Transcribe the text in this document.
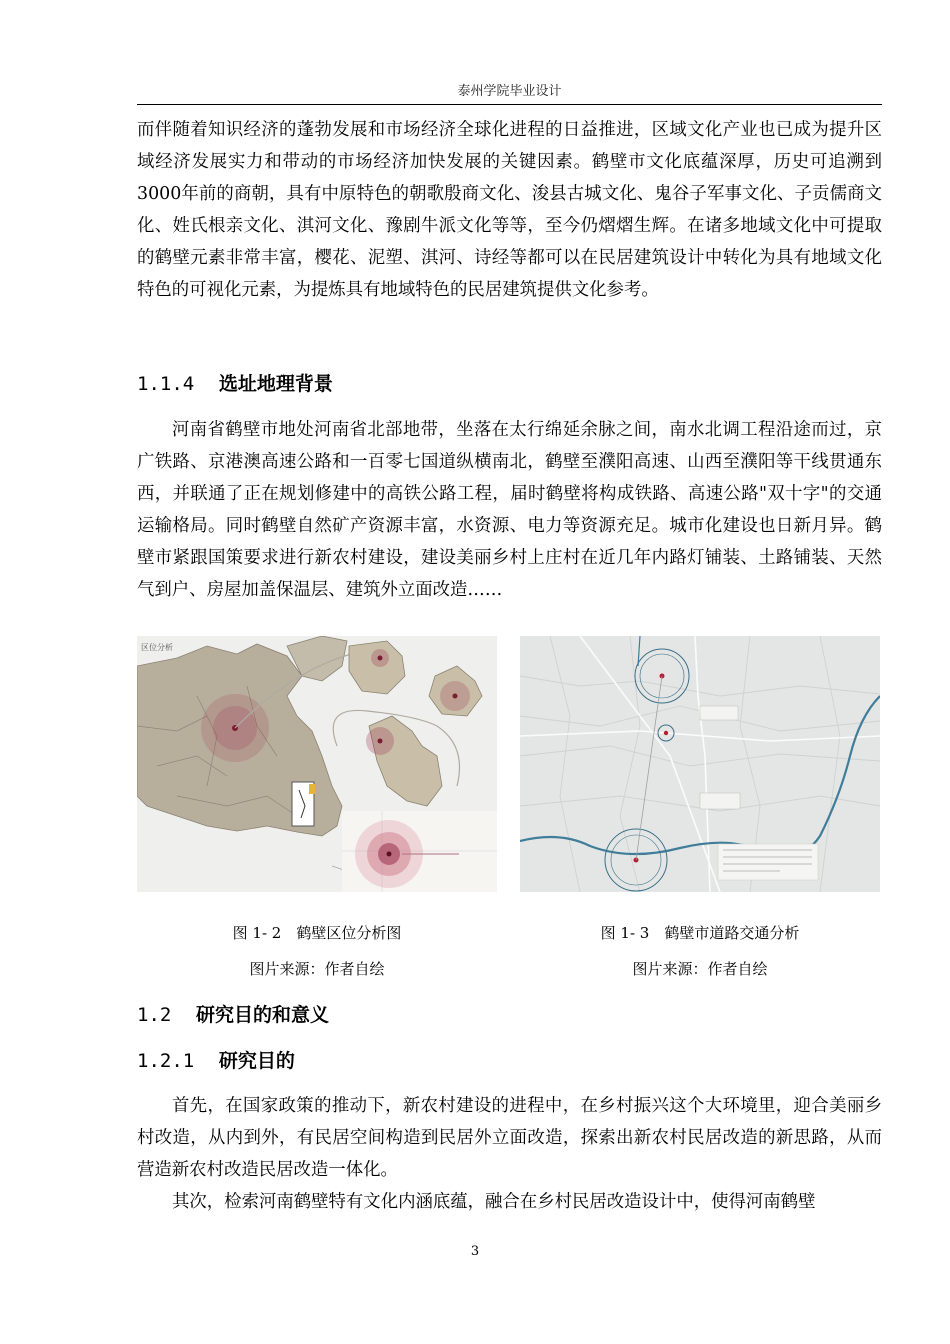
泰州学院毕业设计

而伴随着知识经济的蓬勃发展和市场经济全球化进程的日益推进，区域文化产业也已成为提升区域经济发展实力和带动的市场经济加快发展的关键因素。鹤壁市文化底蕴深厚，历史可追溯到3000年前的商朝，具有中原特色的朝歌殷商文化、浚县古城文化、鬼谷子军事文化、子贡儒商文化、姓氏根亲文化、淇河文化、豫剧牛派文化等等，至今仍熠熠生辉。在诸多地域文化中可提取的鹤壁元素非常丰富，樱花、泥塑、淇河、诗经等都可以在民居建筑设计中转化为具有地域文化特色的可视化元素，为提炼具有地域特色的民居建筑提供文化参考。

1.1.4 选址地理背景

河南省鹤壁市地处河南省北部地带，坐落在太行绵延余脉之间，南水北调工程沿途而过，京广铁路、京港澳高速公路和一百零七国道纵横南北，鹤壁至濮阳高速、山西至濮阳等干线贯通东西，并联通了正在规划修建中的高铁公路工程，届时鹤壁将构成铁路、高速公路"双十字"的交通运输格局。同时鹤壁自然矿产资源丰富，水资源、电力等资源充足。城市化建设也日新月异。鹤壁市紧跟国策要求进行新农村建设，建设美丽乡村上庄村在近几年内路灯铺装、土路铺装、天然气到户、房屋加盖保温层、建筑外立面改造……

区位分析
图 1- 2　鹤壁区位分析图
图片来源：作者自绘
图 1- 3　鹤壁市道路交通分析
图片来源：作者自绘
1.2 研究目的和意义
1.2.1 研究目的

首先，在国家政策的推动下，新农村建设的进程中，在乡村振兴这个大环境里，迎合美丽乡村改造，从内到外，有民居空间构造到民居外立面改造，探索出新农村民居改造的新思路，从而营造新农村改造民居改造一体化。

其次，检索河南鹤壁特有文化内涵底蕴，融合在乡村民居改造设计中，使得河南鹤壁

3
